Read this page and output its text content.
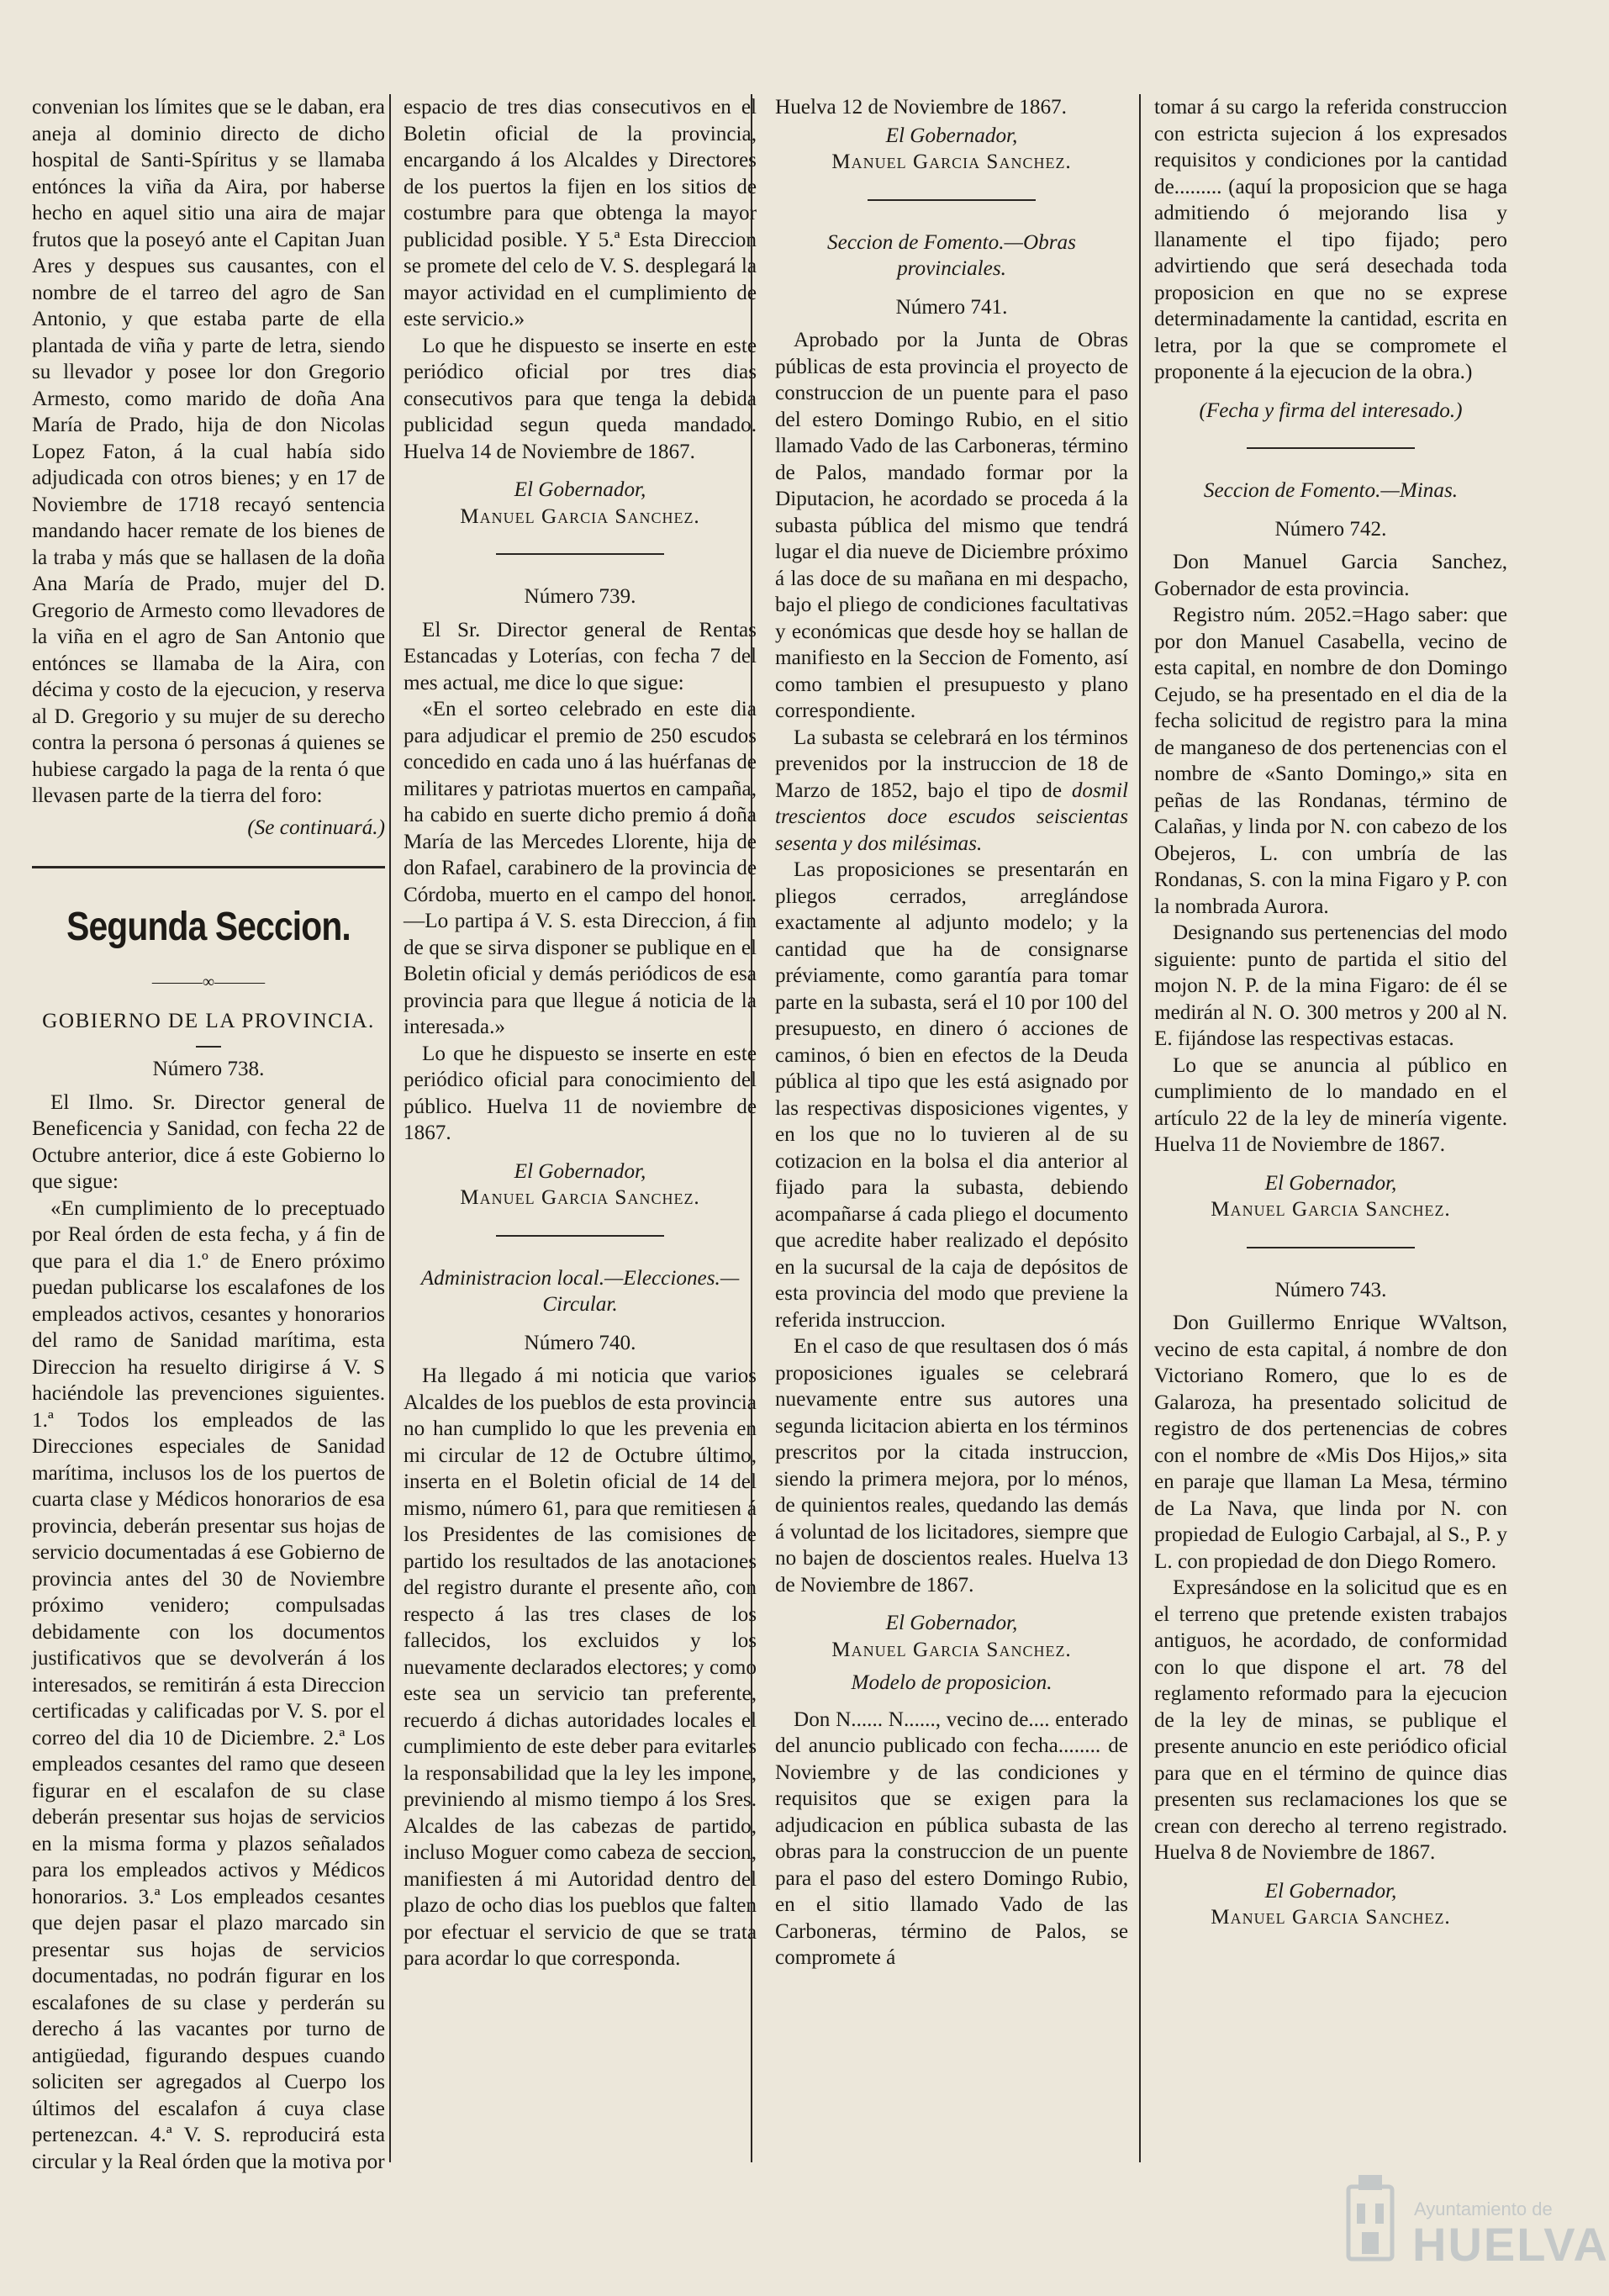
convenian los límites que se le daban, era aneja al dominio directo de dicho hospital de Santi-Spíritus y se llamaba entónces la viña da Aira, por haberse hecho en aquel sitio una aira de majar frutos que la poseyó ante el Capitan Juan Ares y despues sus causantes, con el nombre de el tarreo del agro de San Antonio, y que estaba parte de ella plantada de viña y parte de letra, siendo su llevador y posee lor don Gregorio Armesto, como marido de doña Ana María de Prado, hija de don Nicolas Lopez Faton, á la cual había sido adjudicada con otros bienes; y en 17 de Noviembre de 1718 recayó sentencia mandando hacer remate de los bienes de la traba y más que se hallasen de la doña Ana María de Prado, mujer del D. Gregorio de Armesto como llevadores de la viña en el agro de San Antonio que entónces se llamaba de la Aira, con décima y costo de la ejecucion, y reserva al D. Gregorio y su mujer de su derecho contra la persona ó personas á quienes se hubiese cargado la paga de la renta ó que llevasen parte de la tierra del foro:

(Se continuará.)

Segunda Seccion.
———∞———
GOBIERNO DE LA PROVINCIA.
Número 738.

El Ilmo. Sr. Director general de Beneficencia y Sanidad, con fecha 22 de Octubre anterior, dice á este Gobierno lo que sigue:

«En cumplimiento de lo preceptuado por Real órden de esta fecha, y á fin de que para el dia 1.º de Enero próximo puedan publicarse los escalafones de los empleados activos, cesantes y honorarios del ramo de Sanidad marítima, esta Direccion ha resuelto dirigirse á V. S haciéndole las prevenciones siguientes. 1.ª Todos los empleados de las Direcciones especiales de Sanidad marítima, inclusos los de los puertos de cuarta clase y Médicos honorarios de esa provincia, deberán presentar sus hojas de servicio documentadas á ese Gobierno de provincia antes del 30 de Noviembre próximo venidero; compulsadas debidamente con los documentos justificativos que se devolverán á los interesados, se remitirán á esta Direccion certificadas y calificadas por V. S. por el correo del dia 10 de Diciembre. 2.ª Los empleados cesantes del ramo que deseen figurar en el escalafon de su clase deberán presentar sus hojas de servicios en la misma forma y plazos señalados para los empleados activos y Médicos honorarios. 3.ª Los empleados cesantes que dejen pasar el plazo marcado sin presentar sus hojas de servicios documentadas, no podrán figurar en los escalafones de su clase y perderán su derecho á las vacantes por turno de antigüedad, figurando despues cuando soliciten ser agregados al Cuerpo los últimos del escalafon á cuya clase pertenezcan. 4.ª V. S. reproducirá esta circular y la Real órden que la motiva por

espacio de tres dias consecutivos en el Boletin oficial de la provincia, encargando á los Alcaldes y Directores de los puertos la fijen en los sitios de costumbre para que obtenga la mayor publicidad posible. Y 5.ª Esta Direccion se promete del celo de V. S. desplegará la mayor actividad en el cumplimiento de este servicio.»

Lo que he dispuesto se inserte en este periódico oficial por tres dias consecutivos para que tenga la debida publicidad segun queda mandado. Huelva 14 de Noviembre de 1867.

El Gobernador,
Manuel Garcia Sanchez.
Número 739.

El Sr. Director general de Rentas Estancadas y Loterías, con fecha 7 del mes actual, me dice lo que sigue:

«En el sorteo celebrado en este dia para adjudicar el premio de 250 escudos concedido en cada uno á las huérfanas de militares y patriotas muertos en campaña, ha cabido en suerte dicho premio á doña María de las Mercedes Llorente, hija de don Rafael, carabinero de la provincia de Córdoba, muerto en el campo del honor.—Lo partipa á V. S. esta Direccion, á fin de que se sirva disponer se publique en el Boletin oficial y demás periódicos de esa provincia para que llegue á noticia de la interesada.»

Lo que he dispuesto se inserte en este periódico oficial para conocimiento del público. Huelva 11 de noviembre de 1867.

El Gobernador,
Manuel Garcia Sanchez.
Administracion local.—Elecciones.—Circular.
Número 740.

Ha llegado á mi noticia que varios Alcaldes de los pueblos de esta provincia no han cumplido lo que les prevenia en mi circular de 12 de Octubre último, inserta en el Boletin oficial de 14 del mismo, número 61, para que remitiesen á los Presidentes de las comisiones de partido los resultados de las anotaciones del registro durante el presente año, con respecto á las tres clases de los fallecidos, los excluidos y los nuevamente declarados electores; y como este sea un servicio tan preferente, recuerdo á dichas autoridades locales el cumplimiento de este deber para evitarles la responsabilidad que la ley les impone, previniendo al mismo tiempo á los Sres. Alcaldes de las cabezas de partido, incluso Moguer como cabeza de seccion, manifiesten á mi Autoridad dentro del plazo de ocho dias los pueblos que falten por efectuar el servicio de que se trata para acordar lo que corresponda.

Huelva 12 de Noviembre de 1867.

El Gobernador,
Manuel Garcia Sanchez.
Seccion de Fomento.—Obras provinciales.
Número 741.

Aprobado por la Junta de Obras públicas de esta provincia el proyecto de construccion de un puente para el paso del estero Domingo Rubio, en el sitio llamado Vado de las Carboneras, término de Palos, mandado formar por la Diputacion, he acordado se proceda á la subasta pública del mismo que tendrá lugar el dia nueve de Diciembre próximo á las doce de su mañana en mi despacho, bajo el pliego de condiciones facultativas y económicas que desde hoy se hallan de manifiesto en la Seccion de Fomento, así como tambien el presupuesto y plano correspondiente.

La subasta se celebrará en los términos prevenidos por la instruccion de 18 de Marzo de 1852, bajo el tipo de dosmil trescientos doce escudos seiscientas sesenta y dos milésimas.

Las proposiciones se presentarán en pliegos cerrados, arreglándose exactamente al adjunto modelo; y la cantidad que ha de consignarse préviamente, como garantía para tomar parte en la subasta, será el 10 por 100 del presupuesto, en dinero ó acciones de caminos, ó bien en efectos de la Deuda pública al tipo que les está asignado por las respectivas disposiciones vigentes, y en los que no lo tuvieren al de su cotizacion en la bolsa el dia anterior al fijado para la subasta, debiendo acompañarse á cada pliego el documento que acredite haber realizado el depósito en la sucursal de la caja de depósitos de esta provincia del modo que previene la referida instruccion.

En el caso de que resultasen dos ó más proposiciones iguales se celebrará nuevamente entre sus autores una segunda licitacion abierta en los términos prescritos por la citada instruccion, siendo la primera mejora, por lo ménos, de quinientos reales, quedando las demás á voluntad de los licitadores, siempre que no bajen de doscientos reales. Huelva 13 de Noviembre de 1867.

El Gobernador,
Manuel Garcia Sanchez.
Modelo de proposicion.

Don N...... N......, vecino de.... enterado del anuncio publicado con fecha........ de Noviembre y de las condiciones y requisitos que se exigen para la adjudicacion en pública subasta de las obras para la construccion de un puente para el paso del estero Domingo Rubio, en el sitio llamado Vado de las Carboneras, término de Palos, se compromete á

tomar á su cargo la referida construccion con estricta sujecion á los expresados requisitos y condiciones por la cantidad de......... (aquí la proposicion que se haga admitiendo ó mejorando lisa y llanamente el tipo fijado; pero advirtiendo que será desechada toda proposicion en que no se exprese determinadamente la cantidad, escrita en letra, por la que se compromete el proponente á la ejecucion de la obra.)

(Fecha y firma del interesado.)
Seccion de Fomento.—Minas.
Número 742.

Don Manuel Garcia Sanchez, Gobernador de esta provincia.

Registro núm. 2052.=Hago saber: que por don Manuel Casabella, vecino de esta capital, en nombre de don Domingo Cejudo, se ha presentado en el dia de la fecha solicitud de registro para la mina de manganeso de dos pertenencias con el nombre de «Santo Domingo,» sita en peñas de las Rondanas, término de Calañas, y linda por N. con cabezo de los Obejeros, L. con umbría de las Rondanas, S. con la mina Figaro y P. con la nombrada Aurora.

Designando sus pertenencias del modo siguiente: punto de partida el sitio del mojon N. P. de la mina Figaro: de él se medirán al N. O. 300 metros y 200 al N. E. fijándose las respectivas estacas.

Lo que se anuncia al público en cumplimiento de lo mandado en el artículo 22 de la ley de minería vigente. Huelva 11 de Noviembre de 1867.

El Gobernador,
Manuel Garcia Sanchez.
Número 743.

Don Guillermo Enrique WValtson, vecino de esta capital, á nombre de don Victoriano Romero, que lo es de Galaroza, ha presentado solicitud de registro de dos pertenencias de cobres con el nombre de «Mis Dos Hijos,» sita en paraje que llaman La Mesa, término de La Nava, que linda por N. con propiedad de Eulogio Carbajal, al S., P. y L. con propiedad de don Diego Romero.

Expresándose en la solicitud que es en el terreno que pretende existen trabajos antiguos, he acordado, de conformidad con lo que dispone el art. 78 del reglamento reformado para la ejecucion de la ley de minas, se publique el presente anuncio en este periódico oficial para que en el término de quince dias presenten sus reclamaciones los que se crean con derecho al terreno registrado. Huelva 8 de Noviembre de 1867.

El Gobernador,
Manuel Garcia Sanchez.
Ayuntamiento de
HUELVA
